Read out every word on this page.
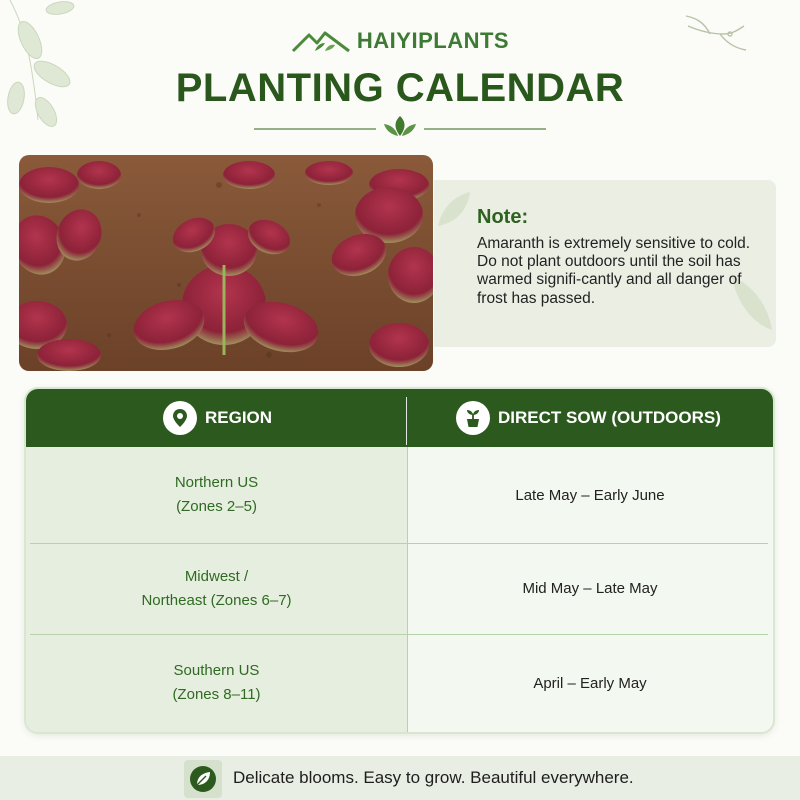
HAIYIPLANTS
PLANTING CALENDAR
Note:
Amaranth is extremely sensitive to cold. Do not plant outdoors until the soil has warmed signifi-cantly and all danger of frost has passed.
REGION	DIRECT SOW (OUTDOORS)
Northern US
(Zones 2–5)
Late May – Early June
Midwest /
Northeast (Zones 6–7)
Mid May – Late May
Southern US
(Zones 8–11)
April – Early May
Delicate blooms. Easy to grow. Beautiful everywhere.
